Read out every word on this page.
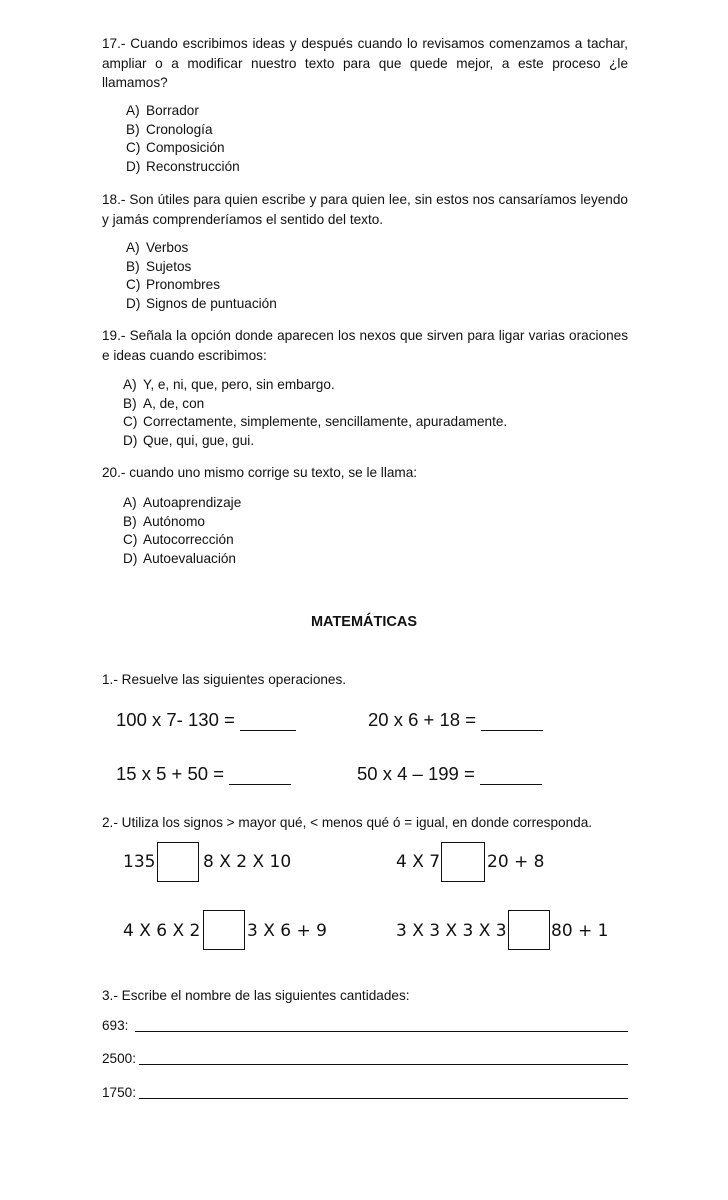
17.- Cuando escribimos ideas y después cuando lo revisamos comenzamos a tachar, ampliar o a modificar nuestro texto para que quede mejor, a este proceso ¿le llamamos?
A) Borrador
B) Cronología
C) Composición
D) Reconstrucción
18.- Son útiles para quien escribe y para quien lee, sin estos nos cansaríamos leyendo y jamás comprenderíamos el sentido del texto.
A) Verbos
B) Sujetos
C) Pronombres
D) Signos de puntuación
19.- Señala la opción donde aparecen los nexos que sirven para ligar varias oraciones e ideas cuando escribimos:
A) Y, e, ni, que, pero, sin embargo.
B) A, de, con
C) Correctamente, simplemente, sencillamente, apuradamente.
D) Que, qui, gue, gui.
20.- cuando uno mismo corrige su texto, se le llama:
A) Autoaprendizaje
B) Autónomo
C) Autocorrección
D) Autoevaluación
MATEMÁTICAS
1.- Resuelve las siguientes operaciones.
100 x 7- 130 =	20 x 6 + 18 =
15 x 5 + 50 =	50 x 4 – 199 =
2.- Utiliza los signos > mayor qué, < menos qué ó = igual, en donde corresponda.
135	8 X 2 X 10	4 X 7	20 + 8
4 X 6 X 2	3 X 6 + 9	3 X 3 X 3 X 3	80 + 1
3.- Escribe el nombre de las siguientes cantidades:
693:
2500:
1750:
